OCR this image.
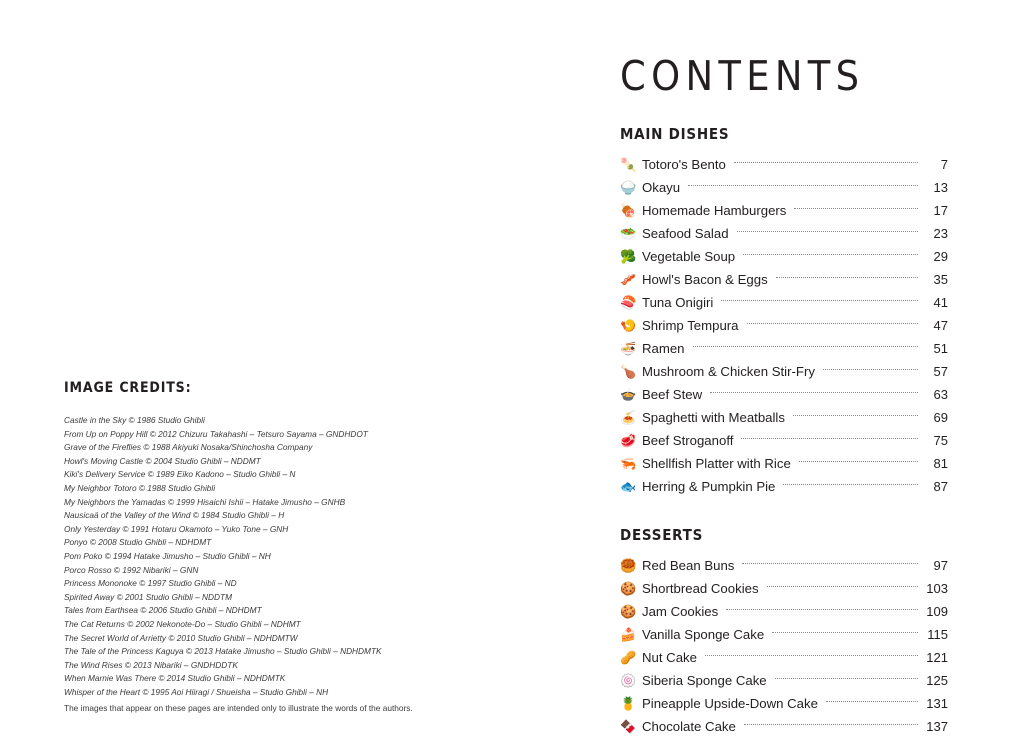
IMAGE CREDITS:
Castle in the Sky © 1986 Studio Ghibli
From Up on Poppy Hill © 2012 Chizuru Takahashi – Tetsuro Sayama – GNDHDOT
Grave of the Fireflies © 1988 Akiyuki Nosaka/Shinchosha Company
Howl's Moving Castle © 2004 Studio Ghibli – NDDMT
Kiki's Delivery Service © 1989 Eiko Kadono – Studio Ghibli – N
My Neighbor Totoro © 1988 Studio Ghibli
My Neighbors the Yamadas © 1999 Hisaichi Ishii – Hatake Jimusho – GNHB
Nausicaä of the Valley of the Wind © 1984 Studio Ghibli – H
Only Yesterday © 1991 Hotaru Okamoto – Yuko Tone – GNH
Ponyo © 2008 Studio Ghibli – NDHDMT
Pom Poko © 1994 Hatake Jimusho – Studio Ghibli – NH
Porco Rosso © 1992 Nibariki – GNN
Princess Mononoke © 1997 Studio Ghibli – ND
Spirited Away © 2001 Studio Ghibli – NDDTM
Tales from Earthsea © 2006 Studio Ghibli – NDHDMT
The Cat Returns © 2002 Nekonote-Do – Studio Ghibli – NDHMT
The Secret World of Arrietty © 2010 Studio Ghibli – NDHDMTW
The Tale of the Princess Kaguya © 2013 Hatake Jimusho – Studio Ghibli – NDHDMTK
The Wind Rises © 2013 Nibariki – GNDHDDTK
When Marnie Was There © 2014 Studio Ghibli – NDHDMTK
Whisper of the Heart © 1995 Aoi Hiiragi / Shueisha – Studio Ghibli – NH
The images that appear on these pages are intended only to illustrate the words of the authors.
CONTENTS
MAIN DISHES
🍡 Totoro's Bento	7
🍚 Okayu	13
🍖 Homemade Hamburgers	17
🥗 Seafood Salad	23
🥦 Vegetable Soup	29
🥓 Howl's Bacon & Eggs	35
🍣 Tuna Onigiri	41
🍤 Shrimp Tempura	47
🍜 Ramen	51
🍗 Mushroom & Chicken Stir-Fry	57
🍲 Beef Stew	63
🍝 Spaghetti with Meatballs	69
🥩 Beef Stroganoff	75
🦐 Shellfish Platter with Rice	81
🐟 Herring & Pumpkin Pie	87
DESSERTS
🥮 Red Bean Buns	97
🍪 Shortbread Cookies	103
🍪 Jam Cookies	109
🍰 Vanilla Sponge Cake	115
🥜 Nut Cake	121
🍥 Siberia Sponge Cake	125
🍍 Pineapple Upside-Down Cake	131
🍫 Chocolate Cake	137
